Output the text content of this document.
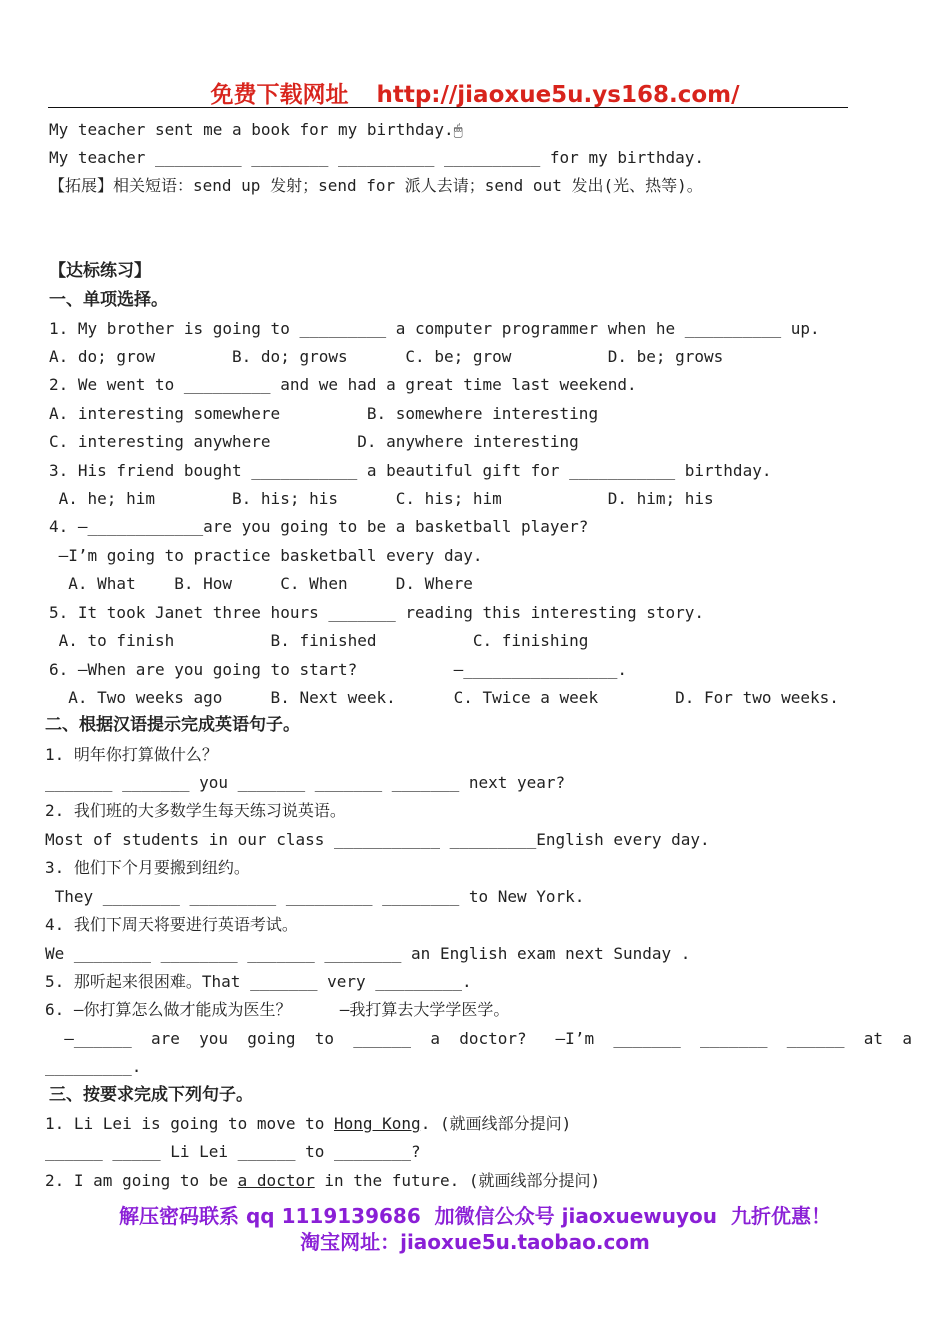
免费下载网址 http://jiaoxue5u.ys168.com/
My teacher sent me a book for my birthday.🖱
My teacher _________ ________ __________ __________ for my birthday.
【拓展】相关短语：send up 发射；send for 派人去请；send out 发出(光、热等)。
【达标练习】
一、单项选择。
1. My brother is going to _________ a computer programmer when he __________ up.
A. do; grow        B. do; grows      C. be; grow          D. be; grows
2. We went to _________ and we had a great time last weekend.
A. interesting somewhere         B. somewhere interesting
C. interesting anywhere         D. anywhere interesting
3. His friend bought ___________ a beautiful gift for ___________ birthday.
A. he; him        B. his; his      C. his; him           D. him; his
4. —____________are you going to be a basketball player?
—I’m going to practice basketball every day.
A. What    B. How     C. When     D. Where
5. It took Janet three hours _______ reading this interesting story.
A. to finish          B. finished          C. finishing
6. —When are you going to start?	—________________.
A. Two weeks ago     B. Next week.      C. Twice a week        D. For two weeks.
二、根据汉语提示完成英语句子。
1. 明年你打算做什么？
_______ _______ you _______ _______ _______ next year?
2. 我们班的大多数学生每天练习说英语。
Most of students in our class ___________ _________English every day.
3. 他们下个月要搬到纽约。
They ________ _________ _________ ________ to New York.
4. 我们下周天将要进行英语考试。
We ________ ________ _______ ________ an English exam next Sunday .
5. 那听起来很困难。That _______ very _________.
6. —你打算怎么做才能成为医生？     —我打算去大学学医学。
—______  are  you  going  to  ______  a  doctor?   —I’m  _______  _______  ______  at  a
_________.
三、按要求完成下列句子。
1. Li Lei is going to move to Hong Kong. (就画线部分提问)
______ _____ Li Lei ______ to ________?
2. I am going to be a doctor in the future. (就画线部分提问)
解压密码联系 qq 1119139686  加微信公众号 jiaoxuewuyou  九折优惠！
淘宝网址：jiaoxue5u.taobao.com
